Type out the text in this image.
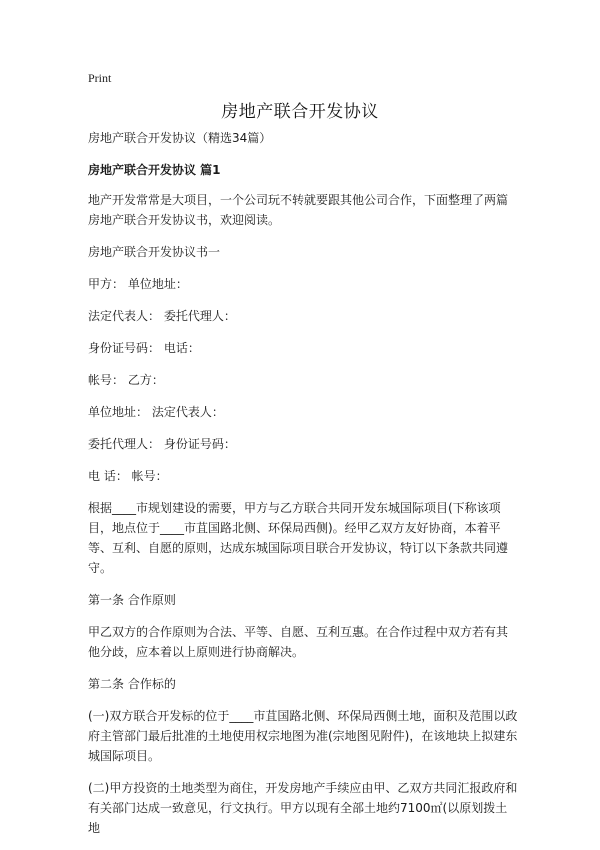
Print
房地产联合开发协议

房地产联合开发协议（精选34篇）

房地产联合开发协议 篇1

地产开发常常是大项目，一个公司玩不转就要跟其他公司合作，下面整理了两篇房地产联合开发协议书，欢迎阅读。

房地产联合开发协议书一

甲方： 单位地址：

法定代表人： 委托代理人：

身份证号码： 电话：

帐号： 乙方：

单位地址： 法定代表人：

委托代理人： 身份证号码：

电 话： 帐号：

根据____市规划建设的需要，甲方与乙方联合共同开发东城国际项目(下称该项目，地点位于____市苴国路北侧、环保局西侧)。经甲乙双方友好协商，本着平等、互利、自愿的原则，达成东城国际项目联合开发协议，特订以下条款共同遵守。

第一条 合作原则

甲乙双方的合作原则为合法、平等、自愿、互利互惠。在合作过程中双方若有其他分歧，应本着以上原则进行协商解决。

第二条 合作标的

(一)双方联合开发标的位于____市苴国路北侧、环保局西侧土地，面积及范围以政府主管部门最后批准的土地使用权宗地图为准(宗地图见附件)，在该地块上拟建东城国际项目。

(二)甲方投资的土地类型为商住，开发房地产手续应由甲、乙双方共同汇报政府和有关部门达成一致意见，行文执行。甲方以现有全部土地约7100㎡(以原划拨土地
